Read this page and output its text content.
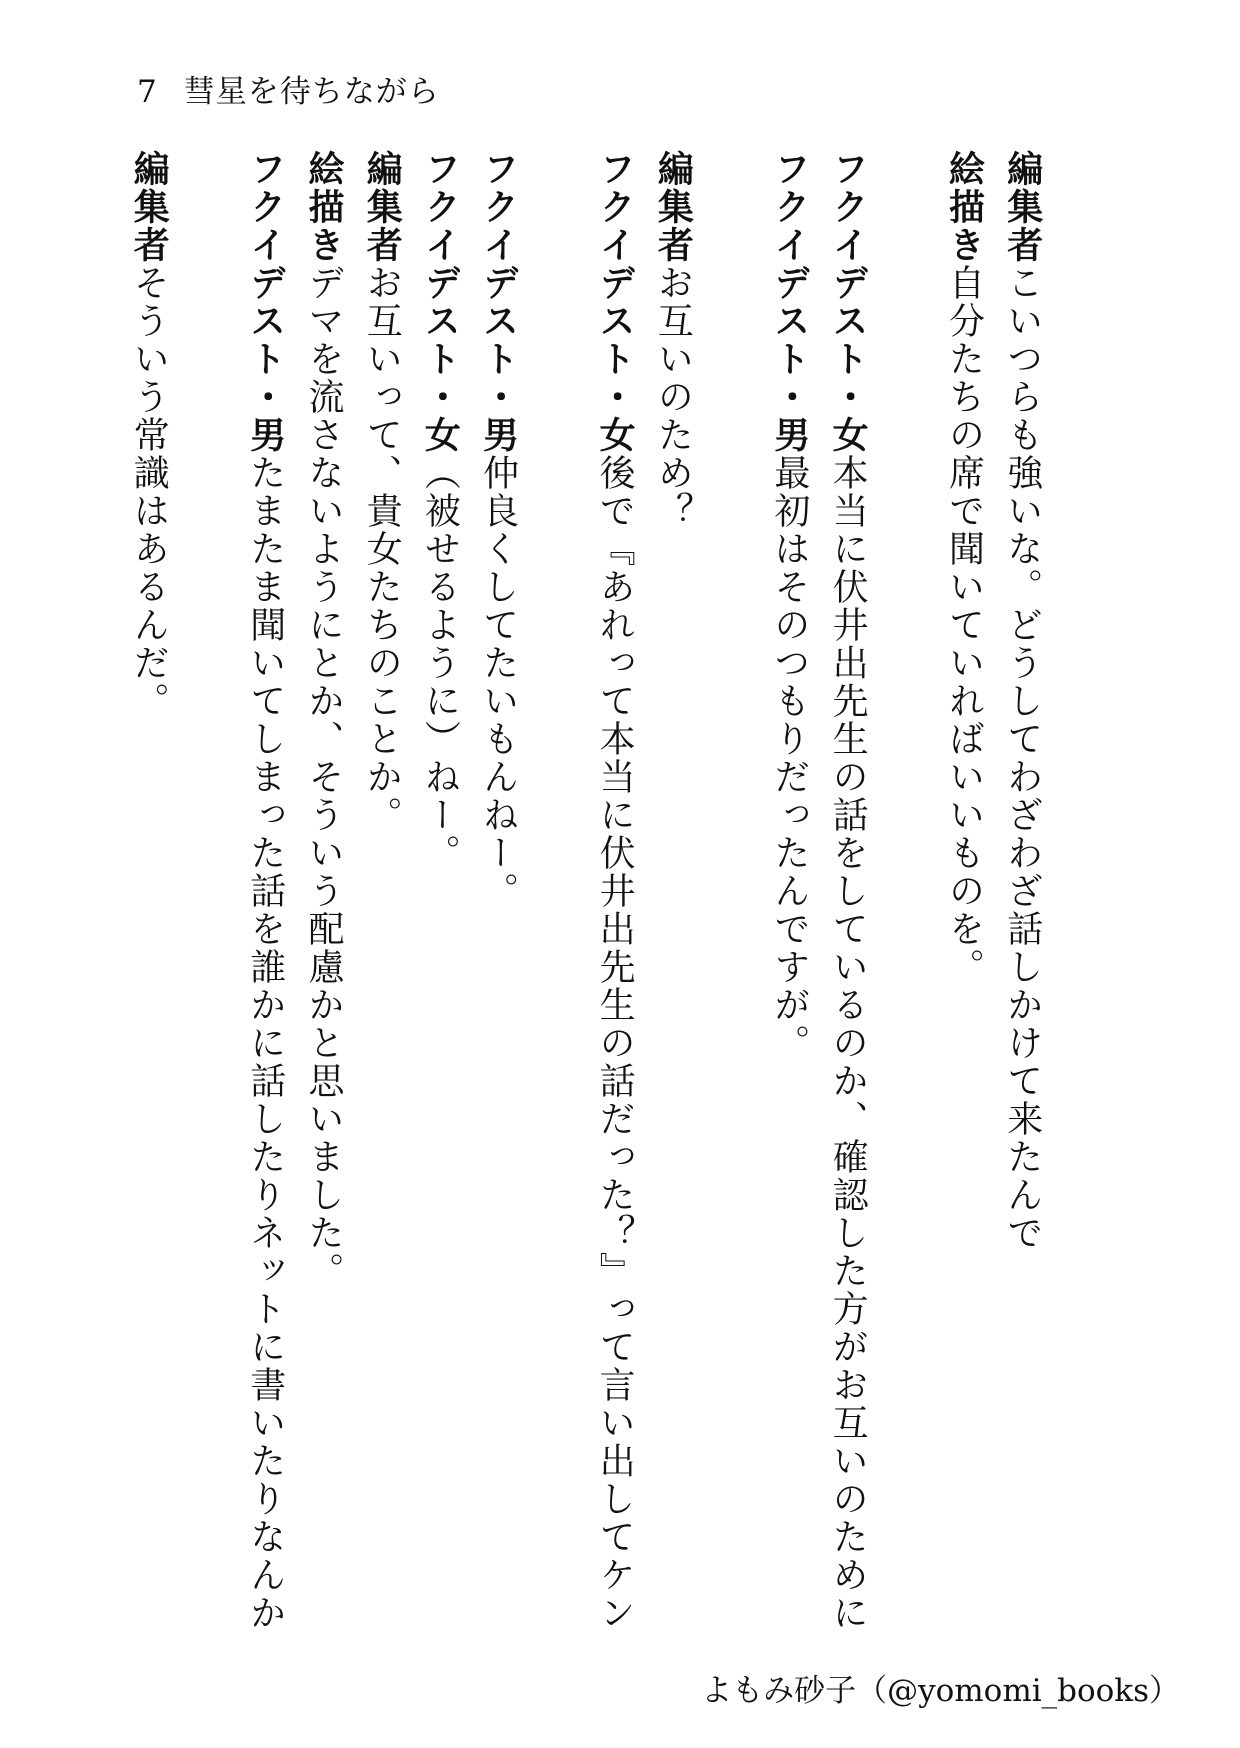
7 彗星を待ちながら
編集者こいつらも強いな。どうしてわざわざ話しかけて来たんで
絵描き自分たちの席で聞いていればいいものを。
フクイデスト・女本当に伏井出先生の話をしているのか、確認した方がお互いのために
フクイデスト・男最初はそのつもりだったんですが。
編集者お互いのため？
フクイデスト・女後で『あれって本当に伏井出先生の話だった？』って言い出してケン
フクイデスト・男仲良くしてたいもんねー。
フクイデスト・女（被せるように）ねー。
編集者お互いって、貴女たちのことか。
絵描きデマを流さないようにとか、そういう配慮かと思いました。
フクイデスト・男たまたま聞いてしまった話を誰かに話したりネットに書いたりなんか
編集者そういう常識はあるんだ。
よもみ砂子（@yomomi_books）
